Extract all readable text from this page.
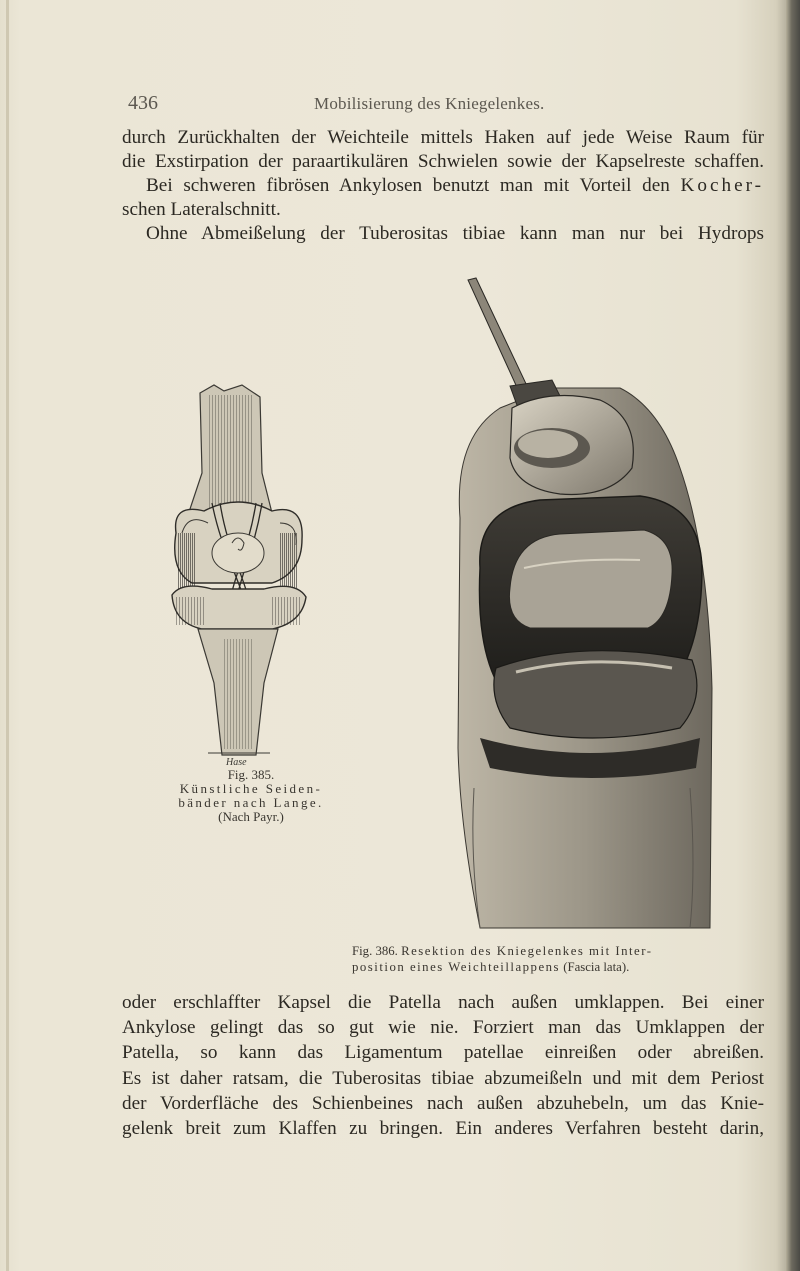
436	Mobilisierung des Kniegelenkes.
durch Zurückhalten der Weichteile mittels Haken auf jede Weise Raum für
die Exstirpation der paraartikulären Schwielen sowie der Kapselreste schaffen.
Bei schweren fibrösen Ankylosen benutzt man mit Vorteil den Kocher-
schen Lateralschnitt.
Ohne Abmeißelung der Tuberositas tibiae kann man nur bei Hydrops
Hase
Fig. 385.
Künstliche Seiden-
bänder nach Lange.
(Nach Payr.)
Fig. 386. Resektion des Kniegelenkes mit Inter-
position eines Weichteillappens (Fascia lata).
oder erschlaffter Kapsel die Patella nach außen umklappen. Bei einer
Ankylose gelingt das so gut wie nie. Forziert man das Umklappen der
Patella, so kann das Ligamentum patellae einreißen oder abreißen.
Es ist daher ratsam, die Tuberositas tibiae abzumeißeln und mit dem Periost
der Vorderfläche des Schienbeines nach außen abzuhebeln, um das Knie-
gelenk breit zum Klaffen zu bringen. Ein anderes Verfahren besteht darin,
